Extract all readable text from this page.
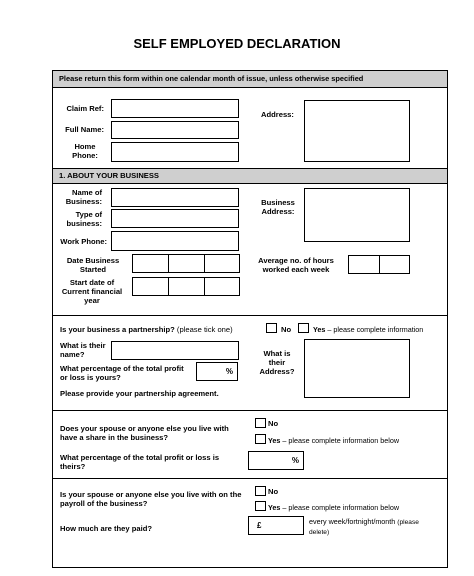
SELF EMPLOYED DECLARATION
Please return this form within one calendar month of issue, unless otherwise specified
Claim Ref:
Full Name:
Home
Phone:
Address:
1. ABOUT YOUR BUSINESS
Name of
Business:
Type of
business:
Work Phone:
Business
Address:
Date Business
Started
Start date of
Current financial
year
Average no. of hours
worked each week
Is your business a partnership? (please tick one)	No	Yes – please complete information
What is their
name?
What percentage of the total profit
or loss is yours?
%
What is their
Address?
Please provide your partnership agreement.
Does your spouse or anyone else you live with
have a share in the business?
No
Yes – please complete information below
What percentage of the total profit or loss is
theirs?
%
Is your spouse or anyone else you live with on the
payroll of the business?
No
Yes – please complete information below
How much are they paid?	£	every week/fortnight/month (please delete)
